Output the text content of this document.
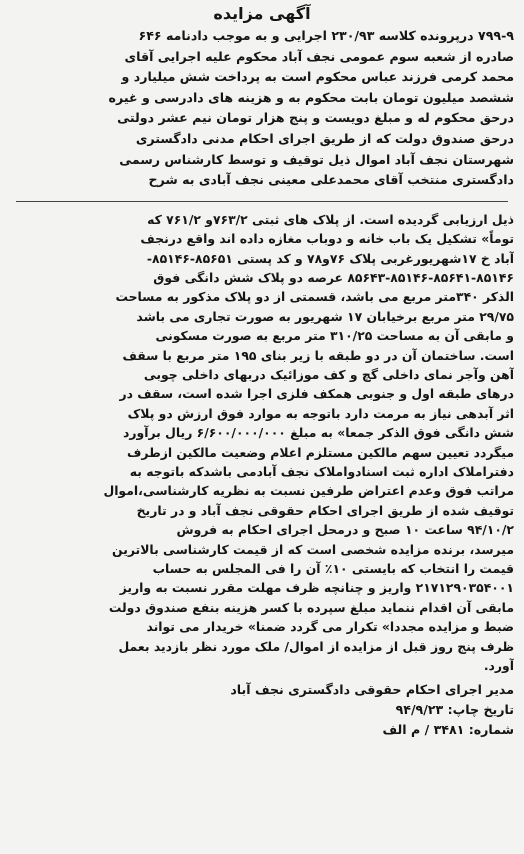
آگهی مزایده

۷۹۹-۹ درپرونده کلاسه ۲۳۰/۹۳ اجرایی و به موجب دادنامه ۶۴۶
صادره از شعبه سوم عمومی نجف آباد محکوم علیه اجرایی آقای
محمد کرمی فرزند عباس محکوم است به پرداخت شش میلیارد و
ششصد میلیون تومان بابت محکوم به و هزینه های دادرسی و غیره
درحق محکوم له و مبلغ دویست و پنج هزار تومان نیم عشر دولتی
درحق صندوق دولت که از طریق اجرای احکام مدنی دادگستری
شهرستان نجف آباد اموال ذیل توقیف و توسط کارشناس رسمی
دادگستری منتخب آقای محمدعلی معینی نجف آبادی به شرح

ذیل ارزیابی گردیده است. از پلاک های ثبتی ۷۶۳/۲و ۷۶۱/۲ که
توماً» تشکیل یک باب خانه و دوباب مغازه داده اند واقع درنجف
آباد خ ۱۷شهریورغربی پلاک ۷۶و۷۸ و کد پستی ۸۵۶۵۱-۸۵۱۴۶-
۸۵۶۴۳-۸۵۱۴۶-۸۵۶۴۱-۸۵۱۴۶ عرصه دو پلاک شش دانگی فوق
الذکر ۳۴۰متر مربع می باشد، قسمتی از دو پلاک مذکور به مساحت
۲۹/۷۵ متر مربع برخیابان ۱۷ شهریور به صورت تجاری می باشد
و مابقی آن به مساحت ۳۱۰/۲۵ متر مربع به صورت مسکونی
است. ساختمان آن در دو طبقه با زیر بنای ۱۹۵ متر مربع با سقف
آهن وآجر نمای داخلی گچ و کف موزائیک دربهای داخلی چوبی
درهای طبقه اول و جنوبی همکف فلزی اجرا شده است، سقف در
اثر آبدهی نیاز به مرمت دارد باتوجه به موارد فوق ارزش دو پلاک
شش دانگی فوق الذکر جمعا» به مبلغ ۶/۶۰۰/۰۰۰/۰۰۰ ریال برآورد
میگردد تعیین سهم مالکین مستلزم اعلام وضعیت مالکین ازطرف
دفتراملاک اداره ثبت اسنادواملاک نجف آبادمی باشدکه باتوجه به
مراتب فوق وعدم اعتراض طرفین نسبت به نظریه کارشناسی،اموال
توقیف شده از طریق اجرای احکام حقوقی نجف آباد و در تاریخ
۹۴/۱۰/۲ ساعت ۱۰ صبح و درمحل اجرای احکام به فروش
میرسد، برنده مزایده شخصی است که از قیمت کارشناسی بالاترین
قیمت را انتخاب که بایستی ۱۰٪ آن را فی المجلس به حساب
۲۱۷۱۲۹۰۳۵۴۰۰۱ واریز و چنانچه ظرف مهلت مقرر نسبت به واریز
مابقی آن اقدام ننماید مبلغ سپرده با کسر هزینه بنفع صندوق دولت
ضبط و مزایده مجددا» تکرار می گردد ضمنا» خریدار می تواند
ظرف پنج روز قبل از مزایده از اموال/ ملک مورد نظر بازدید بعمل
آورد.

مدیر اجرای احکام حقوقی دادگستری نجف آباد
تاریخ چاپ: ۹۴/۹/۲۳
شماره: ۳۴۸۱ / م الف
